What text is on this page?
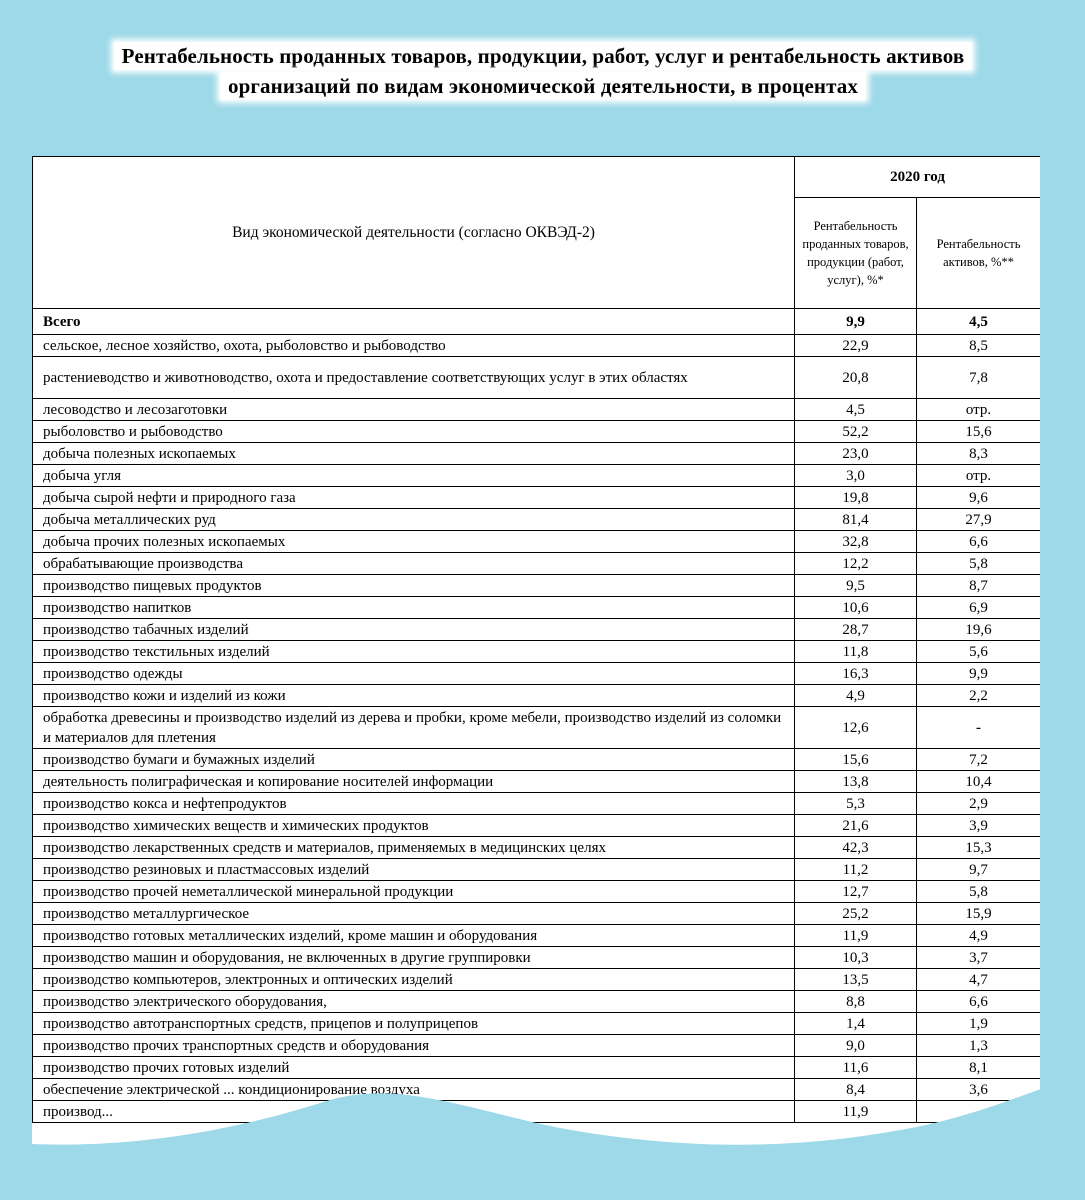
Рентабельность проданных товаров, продукции, работ, услуг и рентабельность активов
организаций по видам экономической деятельности, в процентах
Вид экономической деятельности (согласно ОКВЭД-2)	2020 год	
	Рентабельность проданных товаров, продукции (работ, услуг), %*	Рентабельность активов, %**
Всего	9,9	4,5
сельское, лесное хозяйство, охота, рыболовство и рыбоводство	22,9	8,5
растениеводство и животноводство, охота и предоставление соответствующих услуг в этих областях	20,8	7,8
лесоводство и лесозаготовки	4,5	отр.
рыболовство и рыбоводство	52,2	15,6
добыча полезных ископаемых	23,0	8,3
добыча угля	3,0	отр.
добыча сырой нефти и природного газа	19,8	9,6
добыча металлических руд	81,4	27,9
добыча прочих полезных ископаемых	32,8	6,6
обрабатывающие производства	12,2	5,8
производство пищевых продуктов	9,5	8,7
производство напитков	10,6	6,9
производство табачных изделий	28,7	19,6
производство текстильных изделий	11,8	5,6
производство одежды	16,3	9,9
производство кожи и изделий из кожи	4,9	2,2
обработка древесины и производство изделий из дерева и пробки, кроме мебели, производство изделий из соломки и материалов для плетения	12,6	-
производство бумаги и бумажных изделий	15,6	7,2
деятельность полиграфическая и копирование носителей информации	13,8	10,4
производство кокса и нефтепродуктов	5,3	2,9
производство химических веществ и химических продуктов	21,6	3,9
производство лекарственных средств и материалов, применяемых в медицинских целях	42,3	15,3
производство резиновых и пластмассовых изделий	11,2	9,7
производство прочей неметаллической минеральной продукции	12,7	5,8
производство металлургическое	25,2	15,9
производство готовых металлических изделий, кроме машин и оборудования	11,9	4,9
производство машин и оборудования, не включенных в другие группировки	10,3	3,7
производство компьютеров, электронных и оптических изделий	13,5	4,7
производство электрического оборудования,	8,8	6,6
производство автотранспортных средств, прицепов и полуприцепов	1,4	1,9
производство прочих транспортных средств и оборудования	9,0	1,3
производство прочих готовых изделий	11,6	8,1
обеспечение электрической ... кондиционирование воздуха	8,4	3,6
производ...	11,9	
